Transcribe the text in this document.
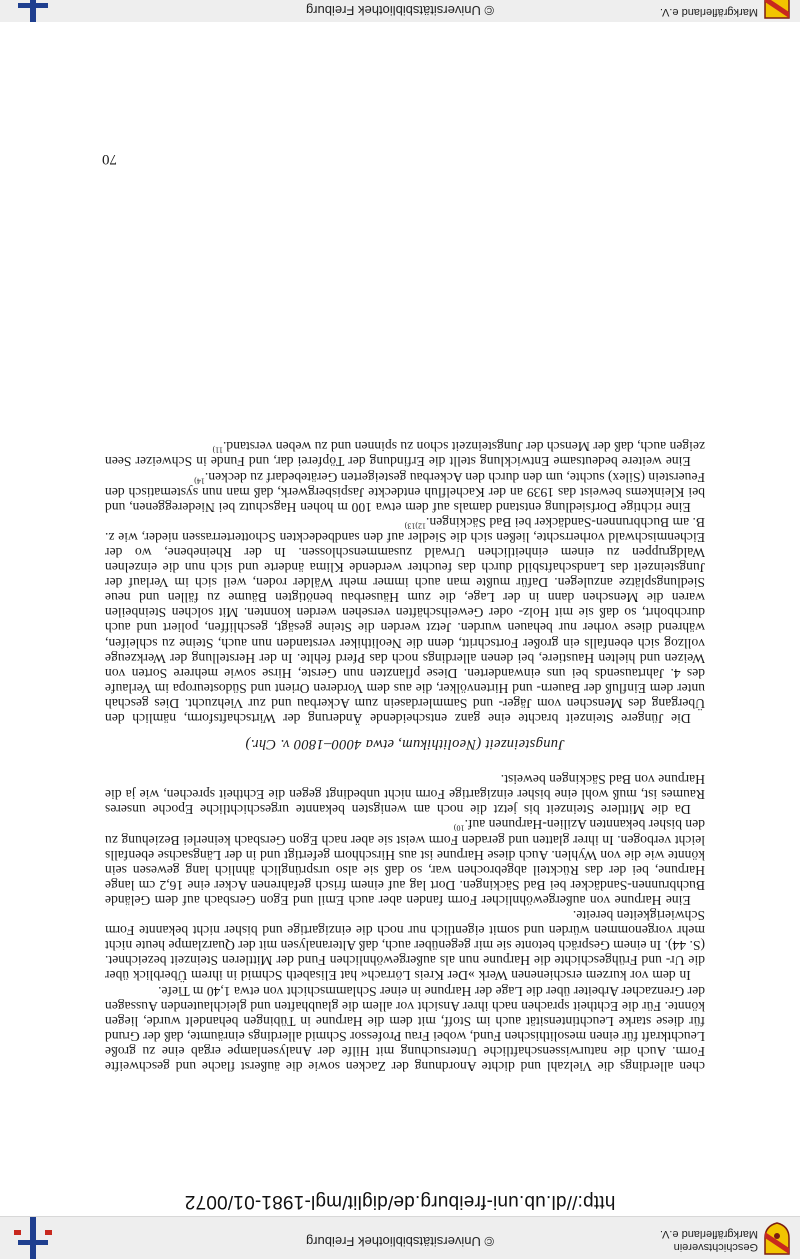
Geschichtsverein
Markgräflerland e.V.
© Universitätsbibliothek Freiburg
http://dl.ub.uni-freiburg.de/diglit/mgl-1981-01/0072

chen allerdings die Vielzahl und dichte Anordnung der Zacken sowie die äußerst flache und geschweifte Form. Auch die naturwissenschaftliche Untersuchung mit Hilfe der Analysenlampe ergab eine zu große Leuchtkraft für einen mesolithischen Fund, wobei Frau Professor Schmid allerdings einräumte, daß der Grund für diese starke Leuchtintensität auch im Stoff, mit dem die Harpune in Tübingen behandelt wurde, liegen könnte. Für die Echtheit sprachen nach ihrer Ansicht vor allem die glaubhaften und gleichlautenden Aussagen der Grenzacher Arbeiter über die Lage der Harpune in einer Schlammschicht von etwa 1,40 m Tiefe.

In dem vor kurzem erschienenen Werk »Der Kreis Lörrach« hat Elisabeth Schmid in ihrem Überblick über die Ur- und Frühgeschichte die Harpune nun als außergewöhnlichen Fund der Mittleren Steinzeit bezeichnet. (S. 44). In einem Gespräch betonte sie mir gegenüber auch, daß Alteranalysen mit der Quarzlampe heute nicht mehr vorgenommen würden und somit eigentlich nur noch die einzigartige und bisher nicht bekannte Form Schwierigkeiten bereite.

Eine Harpune von außergewöhnlicher Form fanden aber auch Emil und Egon Gersbach auf dem Gelände Buchbrunnen-Sandäcker bei Bad Säckingen. Dort lag auf einem frisch gefahrenen Acker eine 16,2 cm lange Harpune, bei der das Rückteil abgebrochen war, so daß sie also ursprünglich ähnlich lang gewesen sein könnte wie die von Wyhlen. Auch diese Harpune ist aus Hirschhorn gefertigt und in der Längsachse ebenfalls leicht verbogen. In ihrer glatten und geraden Form weist sie aber nach Egon Gersbach keinerlei Beziehung zu den bisher bekannten Azilien-Harpunen auf.$^{10)}$

Da die Mittlere Steinzeit bis jetzt die noch am wenigsten bekannte urgeschichtliche Epoche unseres Raumes ist, muß wohl eine bisher einzigartige Form nicht unbedingt gegen die Echtheit sprechen, wie ja die Harpune von Bad Säckingen beweist.

Jungsteinzeit (Neolithikum, etwa 4000–1800 v. Chr.)

Die Jüngere Steinzeit brachte eine ganz entscheidende Änderung der Wirtschaftsform, nämlich den Übergang des Menschen vom Jäger- und Sammlerdasein zum Ackerbau und zur Viehzucht. Dies geschah unter dem Einfluß der Bauern- und Hirtenvölker, die aus dem Vorderen Orient und Südosteuropa im Verlaufe des 4. Jahrtausends bei uns einwanderten. Diese pflanzten nun Gerste, Hirse sowie mehrere Sorten von Weizen und hielten Haustiere, bei denen allerdings noch das Pferd fehlte. In der Herstellung der Werkzeuge vollzog sich ebenfalls ein großer Fortschritt, denn die Neolithiker verstanden nun auch, Steine zu schleifen, während diese vorher nur behauen wurden. Jetzt werden die Steine gesägt, geschliffen, poliert und auch durchbohrt, so daß sie mit Holz- oder Geweihschäften versehen werden konnten. Mit solchen Steinbeilen waren die Menschen dann in der Lage, die zum Häuserbau benötigten Bäume zu fällen und neue Siedlungsplätze anzulegen. Dafür mußte man auch immer mehr Wälder roden, weil sich im Verlauf der Jungsteinzeit das Landschaftsbild durch das feuchter werdende Klima änderte und sich nun die einzelnen Waldgruppen zu einem einheitlichen Urwald zusammenschlossen. In der Rheinebene, wo der Eichenmischwald vorherrschte, ließen sich die Siedler auf den sandbedeckten Schotterterrassen nieder, wie z. B. am Buchbrunnen-Sandäcker bei Bad Säckingen.$^{12)13)}$

Eine richtige Dorfsiedlung entstand damals auf dem etwa 100 m hohen Hagschutz bei Niedereggenen, und bei Kleinkems beweist das 1939 an der Kachelfluh entdeckte Jaspisbergwerk, daß man nun systematisch den Feuerstein (Silex) suchte, um den durch den Ackerbau gesteigerten Gerätebedarf zu decken.$^{14)}$

Eine weitere bedeutsame Entwicklung stellt die Erfindung der Töpferei dar, und Funde in Schweizer Seen zeigen auch, daß der Mensch der Jungsteinzeit schon zu spinnen und zu weben verstand.$^{11)}$

70
Markgräflerland e.V.
© Universitätsbibliothek Freiburg
